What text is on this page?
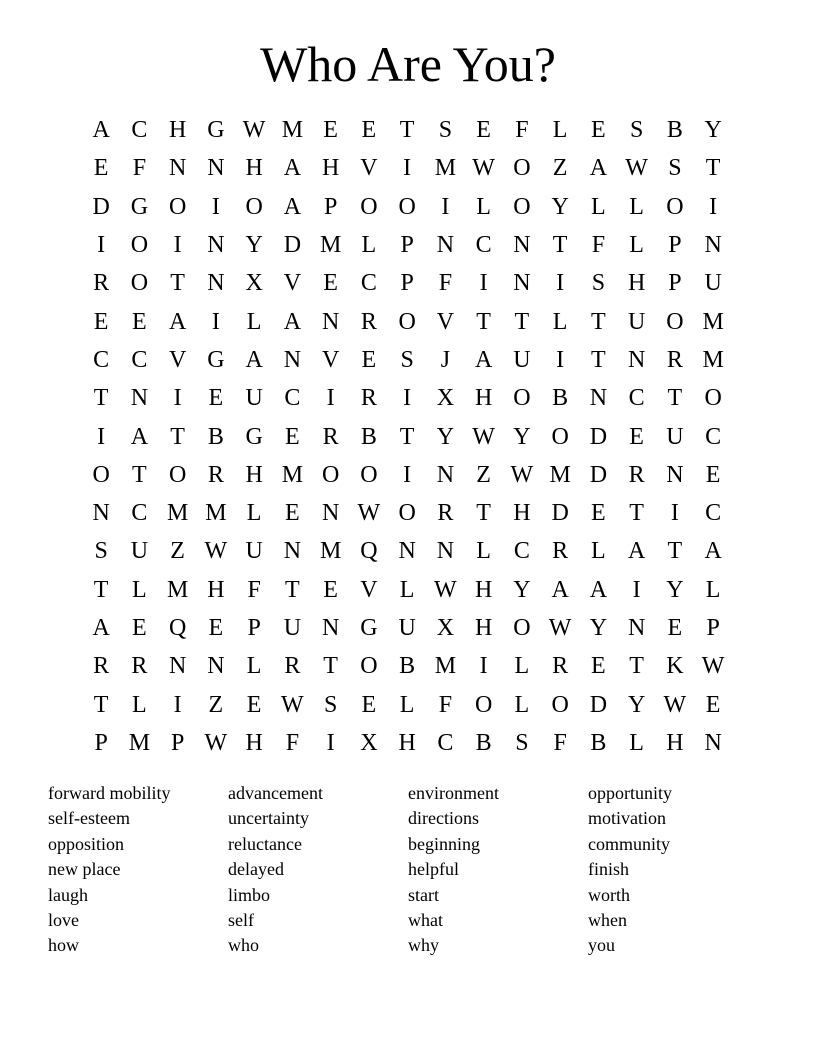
Who Are You?
A C H G W M E E T	S	E	F	L E	S B Y
E	F N N H A H V	I M W O Z A W S	T
D G O	I	O A P O O	I	L O Y L L O	I
I	O	I	N Y D M L	P N C N T	F	L	P N
R O T N X V E C P	F	I	N	I	S H P U
E E A	I	L A N R O V T T L T U O M
C C V G A N V E	S	J	A U	I	T N R M
T N	I	E U C	I	R	I	X H O B N C T O
I	A T B G E R B T Y W Y O D E U C
O T O R H M O O	I	N Z W M D R N E
N C M M L E N W O R T H D E T	I	C
S U Z W U N M Q N N L C R L A T A
T L M H F	T E V L W H Y A A	I	Y L
A E Q E	P U N G U X H O W Y N E	P
R R N N L R T O B M I	L R E T K W
T L	I	Z E W S	E L	F O L O D Y W E
P M P W H F	I	X H C B S	F B L H N
forward mobility
self-esteem
opposition
new place
laugh
love
how
advancement
uncertainty
reluctance
delayed
limbo
self
who
environment
directions
beginning
helpful
start
what
why
opportunity
motivation
community
finish
worth
when
you
